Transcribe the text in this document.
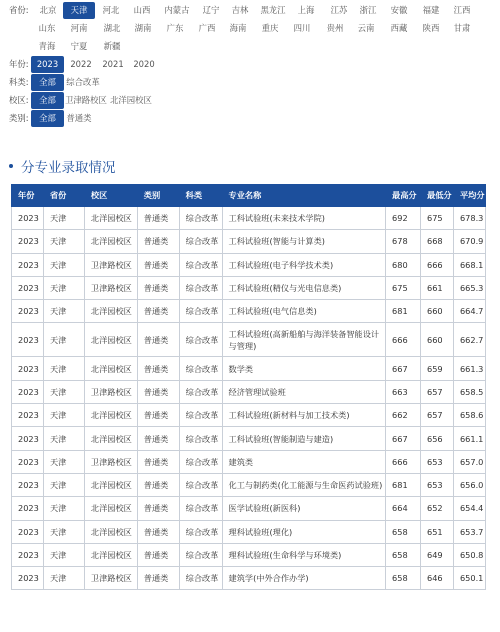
省份:	北京	天津	河北	山西	内蒙古	辽宁	吉林	黑龙江	上海	江苏	浙江	安徽	福建	江西
山东	河南	湖北	湖南	广东	广西	海南	重庆	四川	贵州	云南	西藏	陕西	甘肃
青海	宁夏	新疆
年份: 2023	2022	2021	2020
科类:	全部	综合改革
校区:	全部	卫津路校区 北洋园校区
类别:	全部	普通类
分专业录取情况
年份	省份	校区	类别	科类	专业名称	最高分	最低分	平均分
2023	天津	北洋园校区	普通类	综合改革	工科试验班(未来技术学院)	692	675	678.3
2023	天津	北洋园校区	普通类	综合改革	工科试验班(智能与计算类)	678	668	670.9
2023	天津	卫津路校区	普通类	综合改革	工科试验班(电子科学技术类)	680	666	668.1
2023	天津	卫津路校区	普通类	综合改革	工科试验班(精仪与光电信息类)	675	661	665.3
2023	天津	北洋园校区	普通类	综合改革	工科试验班(电气信息类)	681	660	664.7
2023	天津	北洋园校区	普通类	综合改革	工科试验班(高新船舶与海洋装备智能设计与管理)	666	660	662.7
2023	天津	北洋园校区	普通类	综合改革	数学类	667	659	661.3
2023	天津	卫津路校区	普通类	综合改革	经济管理试验班	663	657	658.5
2023	天津	北洋园校区	普通类	综合改革	工科试验班(新材料与加工技术类)	662	657	658.6
2023	天津	北洋园校区	普通类	综合改革	工科试验班(智能制造与建造)	667	656	661.1
2023	天津	卫津路校区	普通类	综合改革	建筑类	666	653	657.0
2023	天津	北洋园校区	普通类	综合改革	化工与制药类(化工能源与生命医药试验班)	681	653	656.0
2023	天津	北洋园校区	普通类	综合改革	医学试验班(新医科)	664	652	654.4
2023	天津	北洋园校区	普通类	综合改革	理科试验班(理化)	658	651	653.7
2023	天津	北洋园校区	普通类	综合改革	理科试验班(生命科学与环境类)	658	649	650.8
2023	天津	卫津路校区	普通类	综合改革	建筑学(中外合作办学)	658	646	650.1
